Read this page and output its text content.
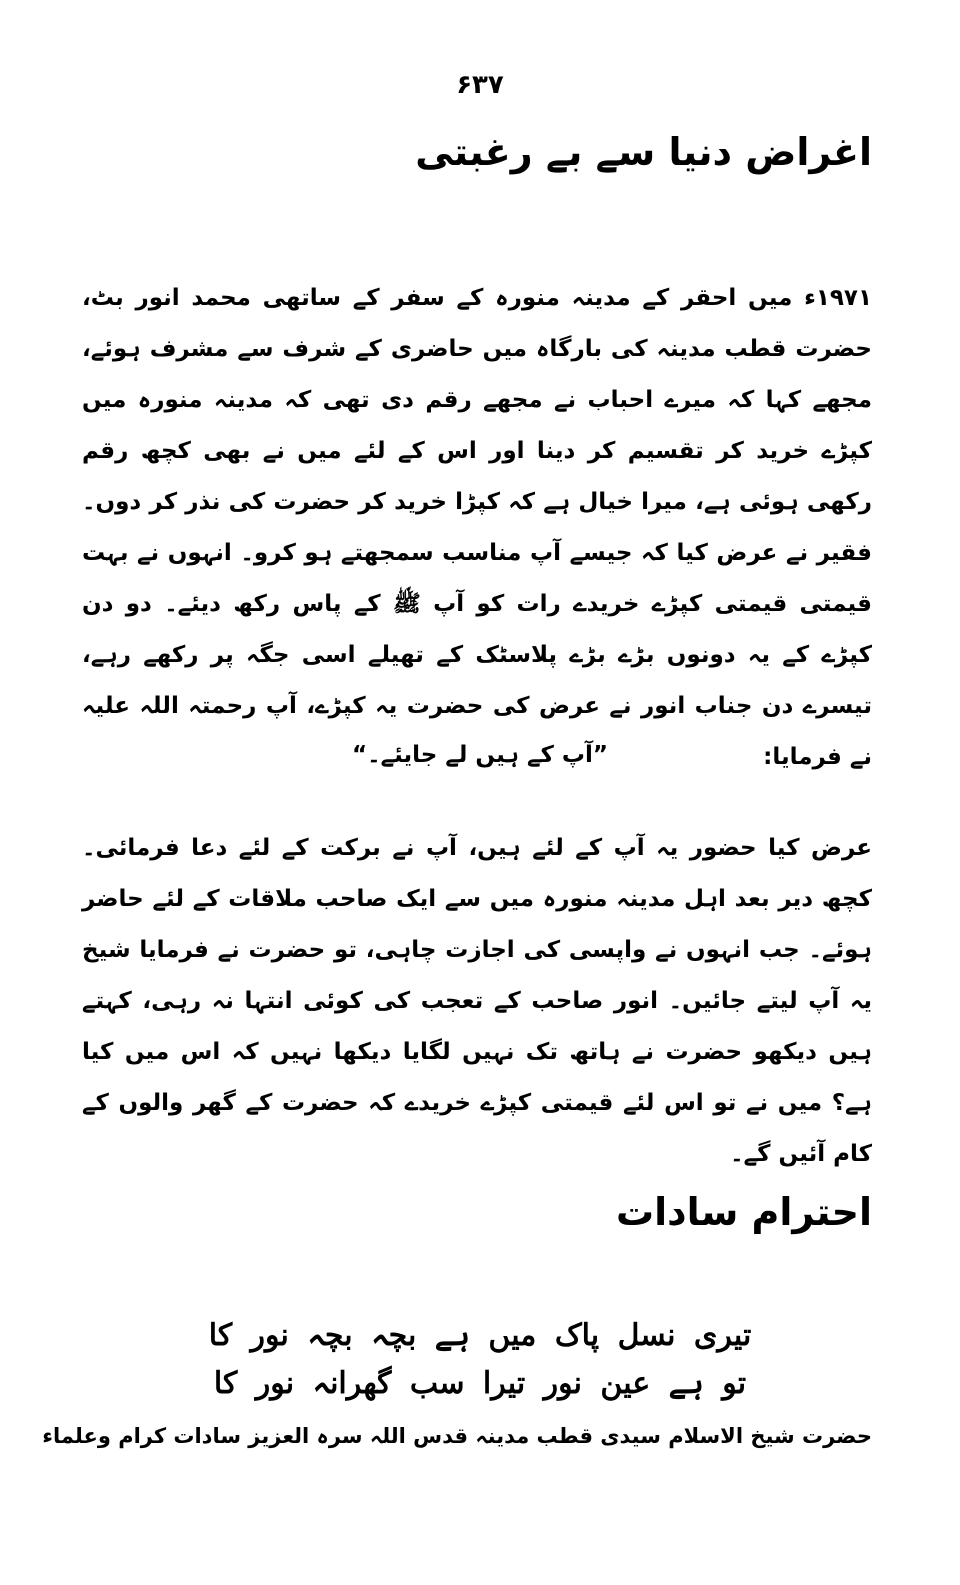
۶۳۷
اغراض دنیا سے بے رغبتی

۱۹۷۱ء میں احقر کے مدینہ منورہ کے سفر کے ساتھی محمد انور بٹ، حضرت قطب مدینہ کی بارگاہ میں حاضری کے شرف سے مشرف ہوئے، مجھے کہا کہ میرے احباب نے مجھے رقم دی تھی کہ مدینہ منورہ میں کپڑے خرید کر تقسیم کر دینا اور اس کے لئے میں نے بھی کچھ رقم رکھی ہوئی ہے، میرا خیال ہے کہ کپڑا خرید کر حضرت کی نذر کر دوں۔ فقیر نے عرض کیا کہ جیسے آپ مناسب سمجھتے ہو کرو۔ انہوں نے بہت قیمتی قیمتی کپڑے خریدے رات کو آپ ﷺ کے پاس رکھ دیئے۔ دو دن کپڑے کے یہ دونوں بڑے بڑے پلاسٹک کے تھیلے اسی جگہ پر رکھے رہے، تیسرے دن جناب انور نے عرض کی حضرت یہ کپڑے، آپ رحمتہ اللہ علیہ نے فرمایا:

”آپ کے ہیں لے جایئے۔“

عرض کیا حضور یہ آپ کے لئے ہیں، آپ نے برکت کے لئے دعا فرمائی۔ کچھ دیر بعد اہل مدینہ منورہ میں سے ایک صاحب ملاقات کے لئے حاضر ہوئے۔ جب انہوں نے واپسی کی اجازت چاہی، تو حضرت نے فرمایا شیخ یہ آپ لیتے جائیں۔ انور صاحب کے تعجب کی کوئی انتہا نہ رہی، کہتے ہیں دیکھو حضرت نے ہاتھ تک نہیں لگایا دیکھا نہیں کہ اس میں کیا ہے؟ میں نے تو اس لئے قیمتی کپڑے خریدے کہ حضرت کے گھر والوں کے کام آئیں گے۔

احترام سادات
تیری نسل پاک میں ہے بچہ بچہ نور کا
تو ہے عین نور تیرا سب گھرانہ نور کا
حضرت شیخ الاسلام سیدی قطب مدینہ قدس اللہ سرہ العزیز سادات کرام وعلماء
